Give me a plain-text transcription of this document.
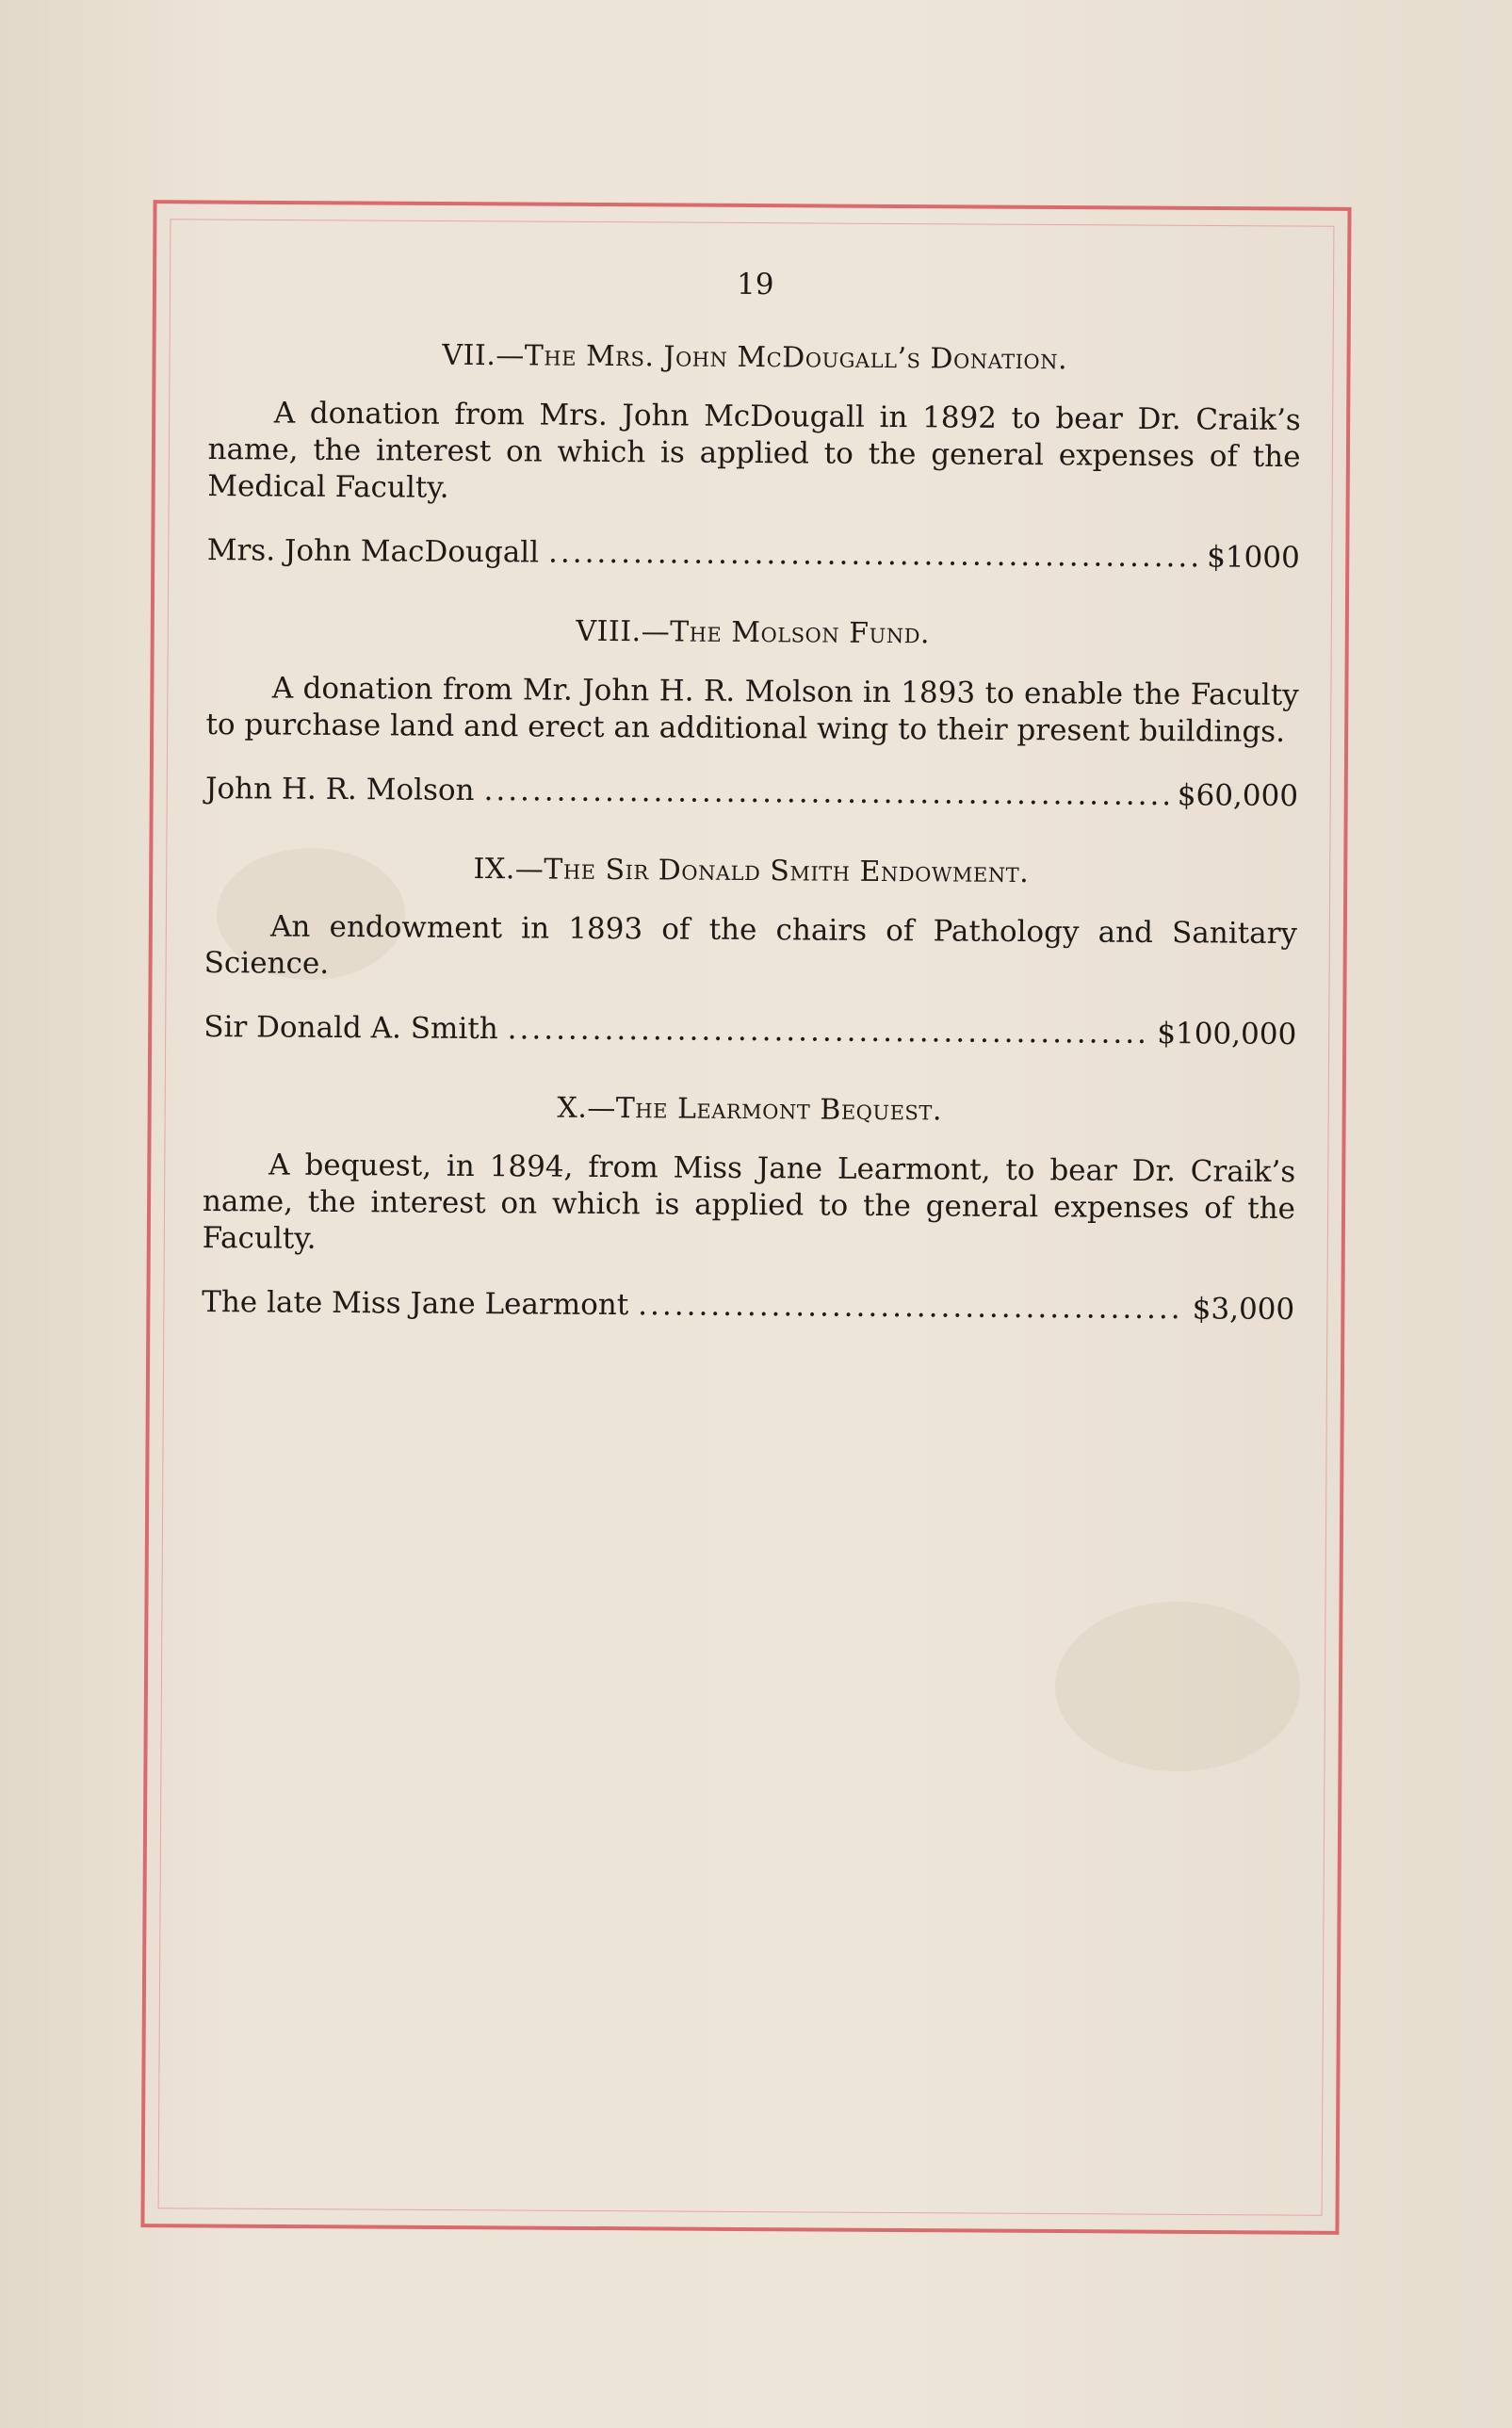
19
VII.—The Mrs. John McDougall’s Donation.

A donation from Mrs. John McDougall in 1892 to bear Dr. Craik’s name, the interest on which is applied to the general expenses of the Medical Faculty.

Mrs. John MacDougall .....	$1000
VIII.—The Molson Fund.

A donation from Mr. John H. R. Molson in 1893 to enable the Faculty to purchase land and erect an additional wing to their present buildings.

John H. R. Molson .....	$60,000
IX.—The Sir Donald Smith Endowment.

An endowment in 1893 of the chairs of Pathology and Sanitary Science.

Sir Donald A. Smith .....	$100,000
X.—The Learmont Bequest.

A bequest, in 1894, from Miss Jane Learmont, to bear Dr. Craik’s name, the interest on which is applied to the general expenses of the Faculty.

The late Miss Jane Learmont .....	$3,000
